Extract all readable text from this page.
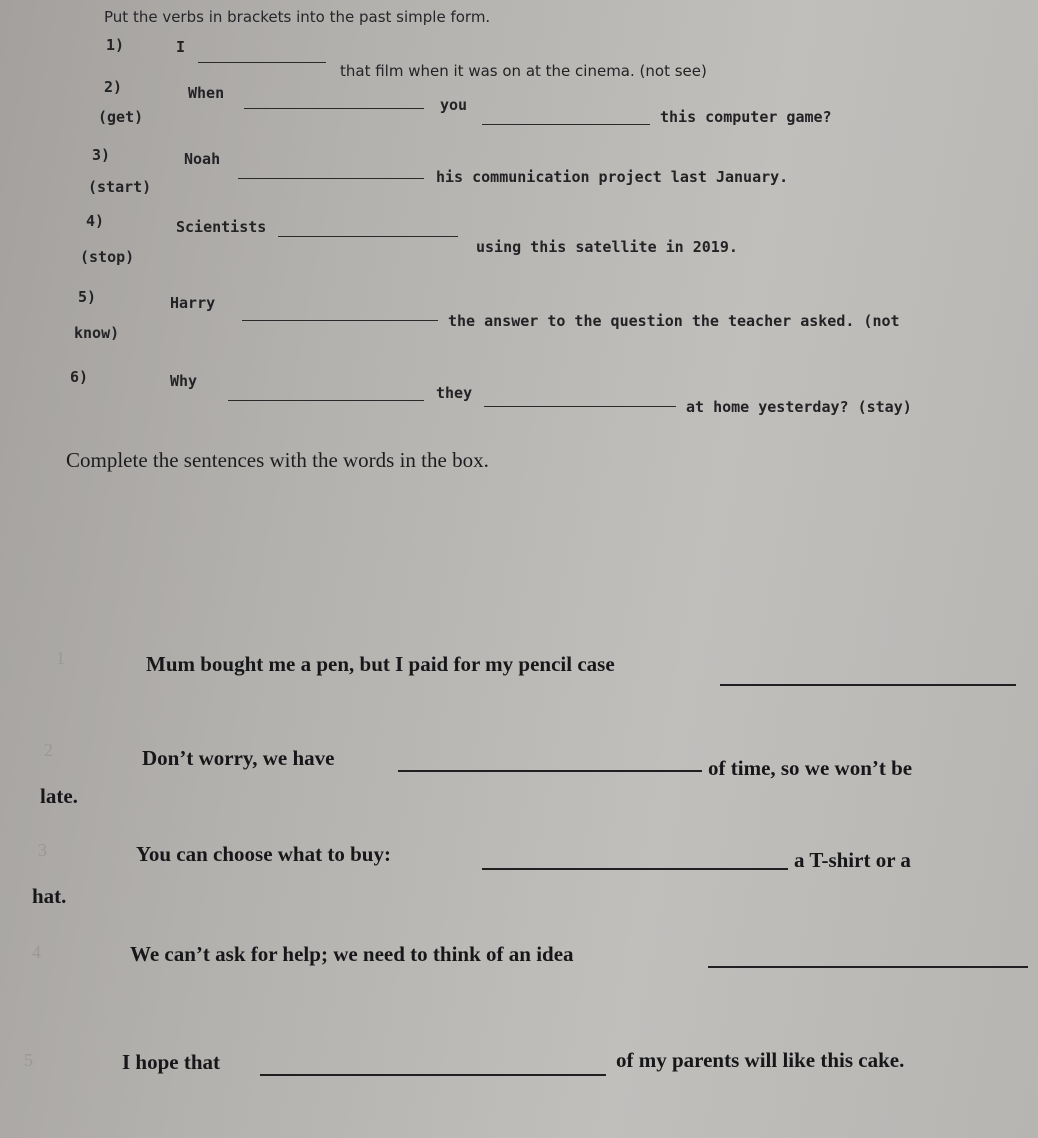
Put the verbs in brackets into the past simple form.
1)	I
that film when it was on at the cinema. (not see)
2)	When
you
this computer game?
(get)
3)	Noah
his communication project last January.
(start)
4)	Scientists
using this satellite in 2019.
(stop)
5)	Harry
the answer to the question the teacher asked. (not
know)
6)	Why
they
at home yesterday? (stay)
Complete the sentences with the words in the box.
1	Mum bought me a pen, but I paid for my pencil case
2	Don’t worry, we have	of time, so we won’t be
late.
3	You can choose what to buy:	a T-shirt or a
hat.
4	We can’t ask for help; we need to think of an idea
5	I hope that	of my parents will like this cake.
